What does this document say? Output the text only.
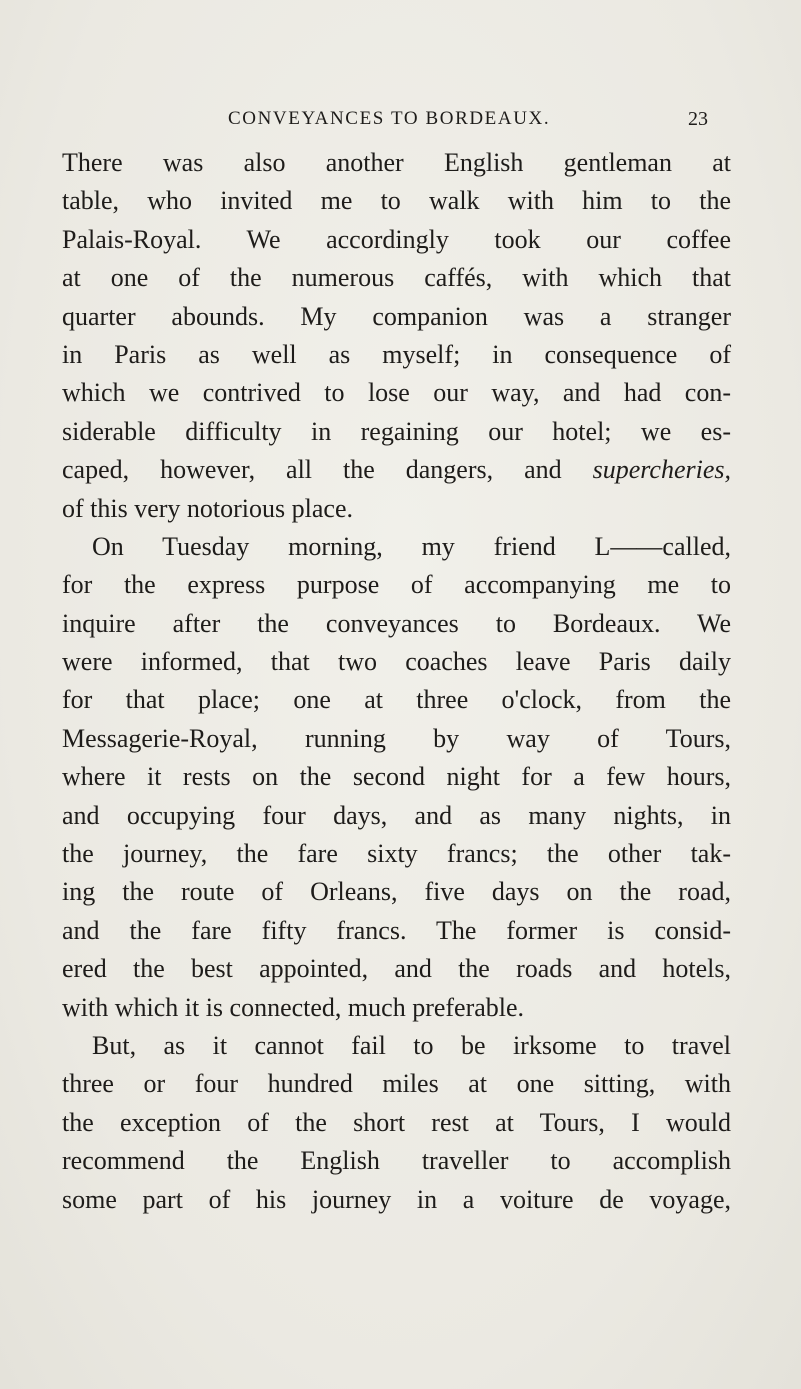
CONVEYANCES TO BORDEAUX.	23
There was also another English gentleman at
table, who invited me to walk with him to the
Palais-Royal. We accordingly took our coffee
at one of the numerous caffés, with which that
quarter abounds. My companion was a stranger
in Paris as well as myself; in consequence of
which we contrived to lose our way, and had con-
siderable difficulty in regaining our hotel; we es-
caped, however, all the dangers, and supercheries,
of this very notorious place.
On Tuesday morning, my friend L——called,
for the express purpose of accompanying me to
inquire after the conveyances to Bordeaux. We
were informed, that two coaches leave Paris daily
for that place; one at three o'clock, from the
Messagerie-Royal, running by way of Tours,
where it rests on the second night for a few hours,
and occupying four days, and as many nights, in
the journey, the fare sixty francs; the other tak-
ing the route of Orleans, five days on the road,
and the fare fifty francs. The former is consid-
ered the best appointed, and the roads and hotels,
with which it is connected, much preferable.
But, as it cannot fail to be irksome to travel
three or four hundred miles at one sitting, with
the exception of the short rest at Tours, I would
recommend the English traveller to accomplish
some part of his journey in a voiture de voyage,
